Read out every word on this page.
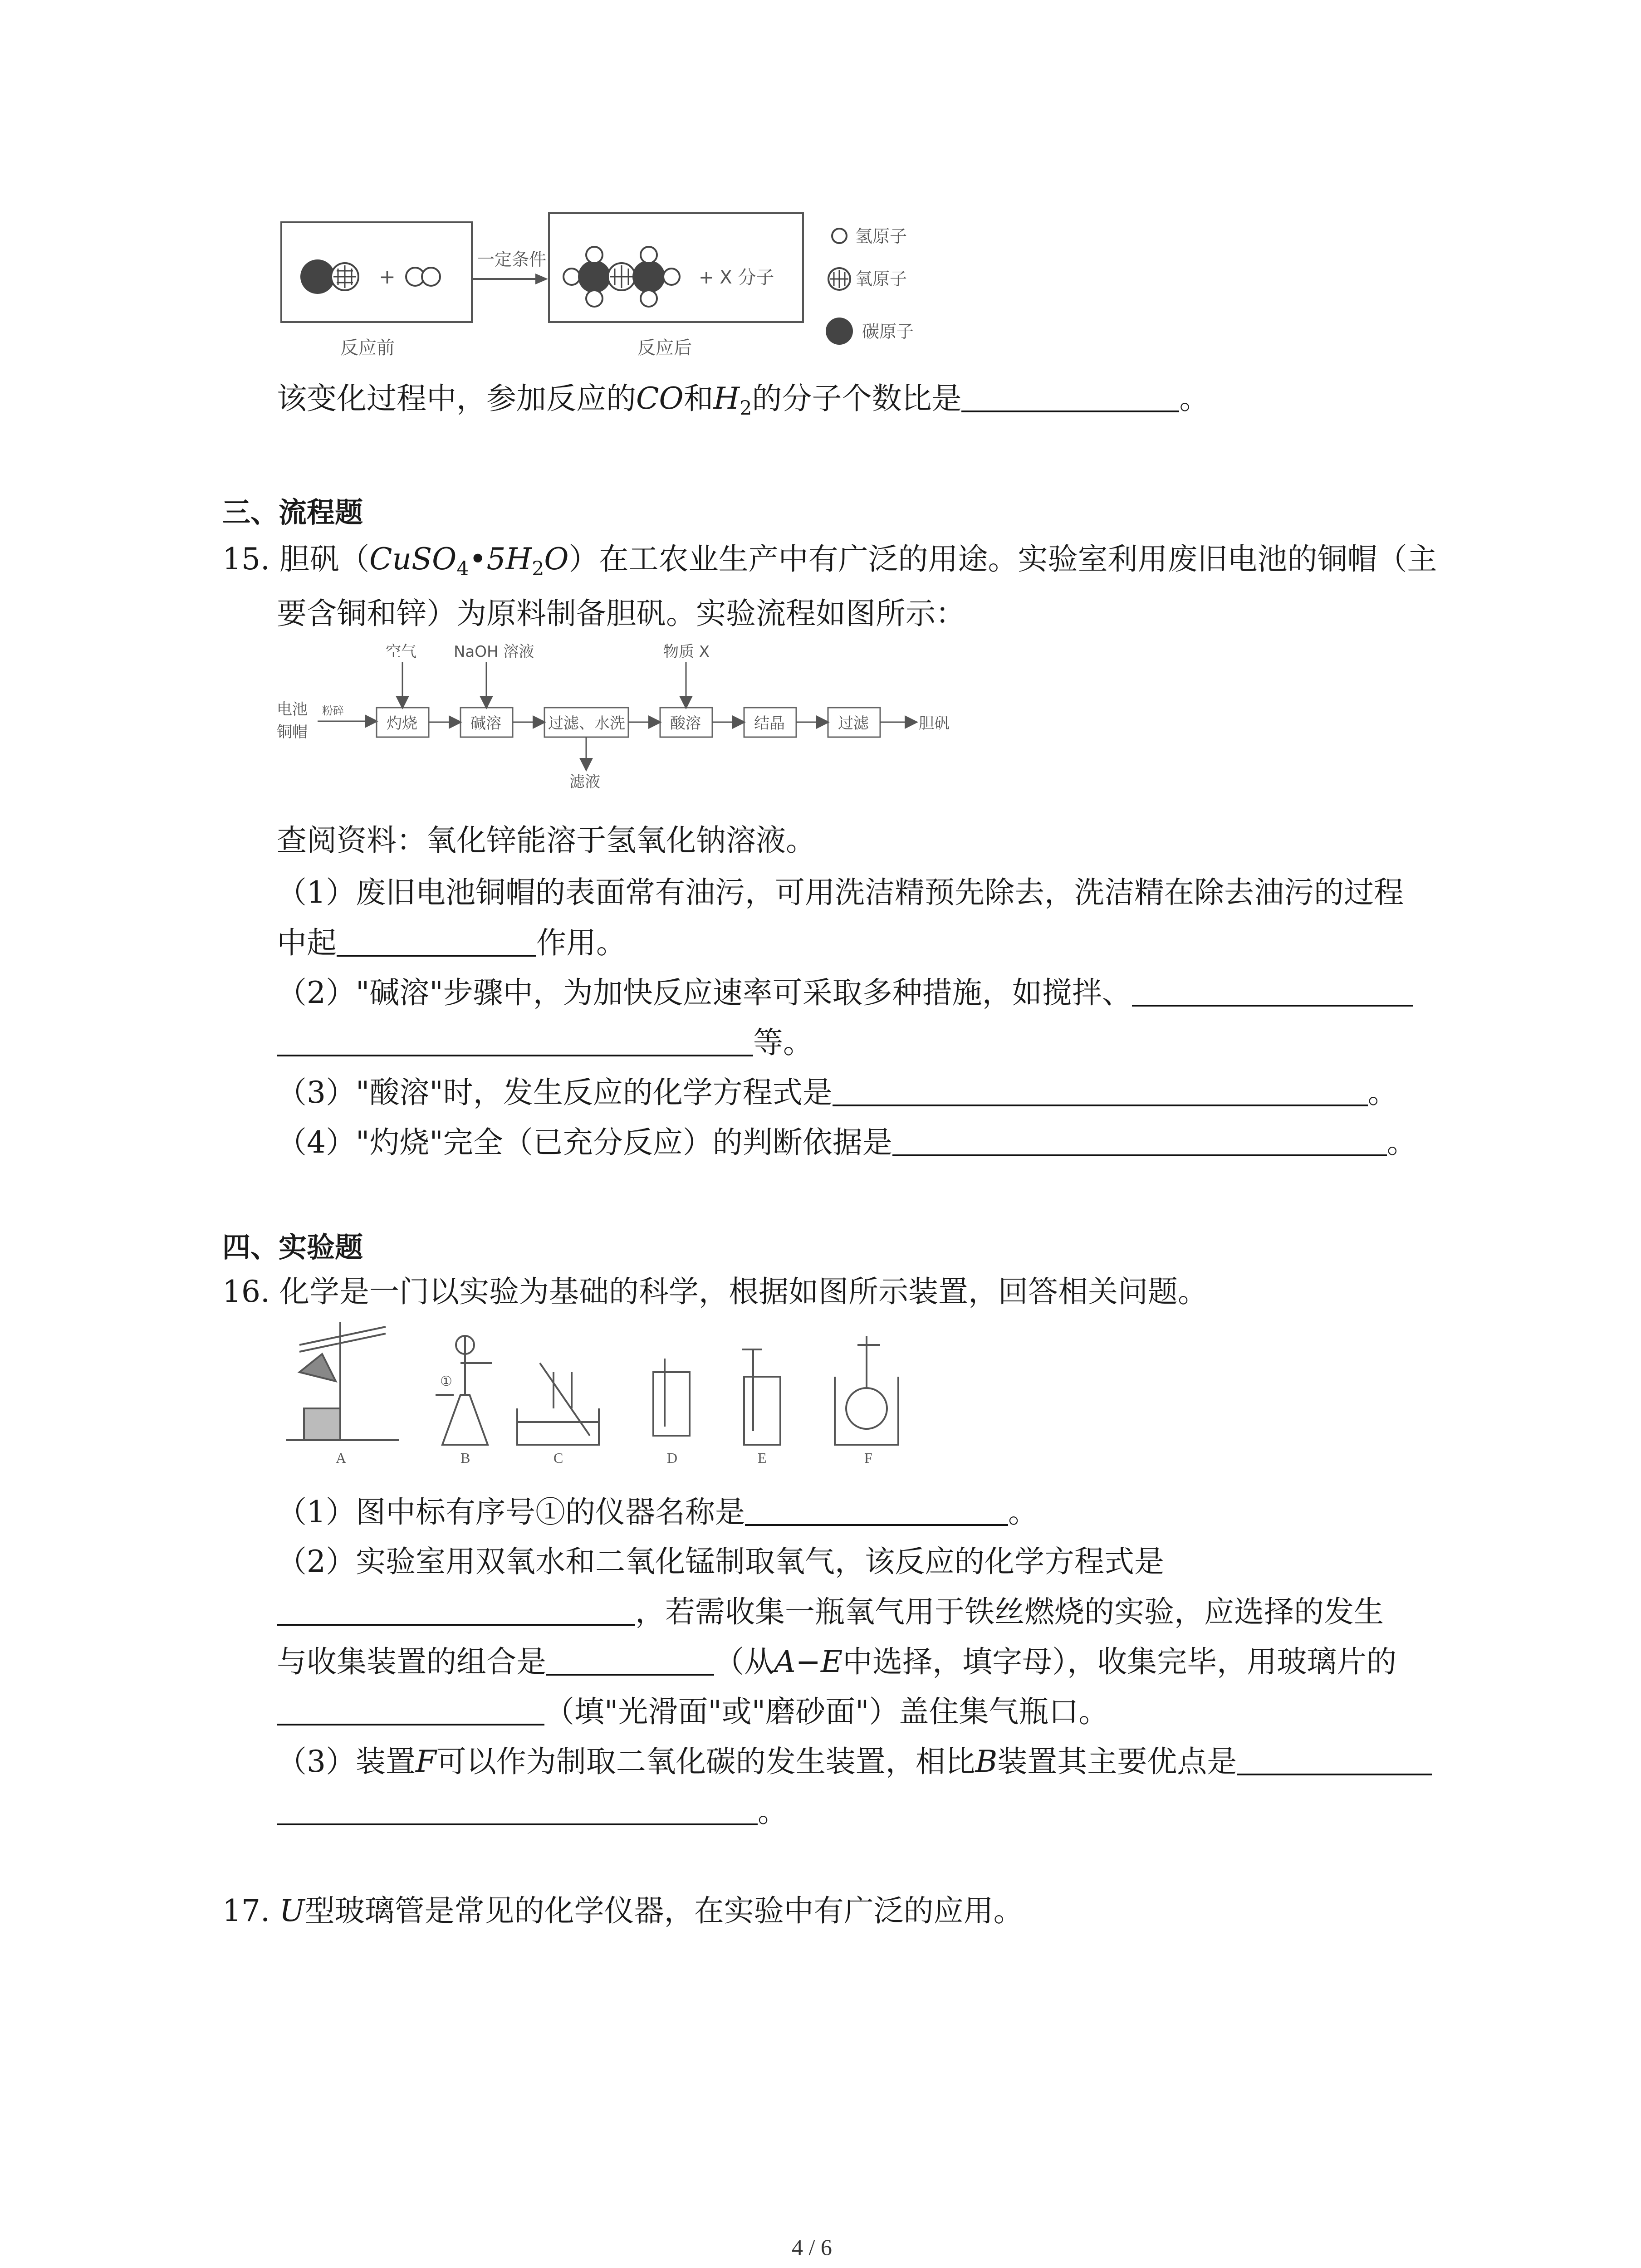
+
一定条件
+ X 分子
反应前	反应后
氢原子
氧原子
碳原子
该变化过程中，参加反应的CO和$H_2$的分子个数比是	。
三、流程题
15. 胆矾$(CuSO_4•5H_2O)$在工农业生产中有广泛的用途。实验室利用废旧电池的铜帽（主
要含铜和锌）为原料制备胆矾。实验流程如图所示：
电池
铜帽
粉碎
灼烧	碱溶	过滤、水洗	酸溶	结晶	过滤
空气 NaOH 溶液	物质 X
滤液
胆矾
查阅资料：氧化锌能溶于氢氧化钠溶液。
（1）废旧电池铜帽的表面常有油污，可用洗洁精预先除去，洗洁精在除去油污的过程
中起	作用。
（2）"碱溶"步骤中，为加快反应速率可采取多种措施，如搅拌、
等。
（3）"酸溶"时，发生反应的化学方程式是	。
（4）"灼烧"完全（已充分反应）的判断依据是	。
四、实验题
16. 化学是一门以实验为基础的科学，根据如图所示装置，回答相关问题。
A	B	C	D	E	F
①
（1）图中标有序号①的仪器名称是	。
（2）实验室用双氧水和二氧化锰制取氧气，该反应的化学方程式是
，若需收集一瓶氧气用于铁丝燃烧的实验，应选择的发生
与收集装置的组合是	（从A−E中选择，填字母），收集完毕，用玻璃片的
（填"光滑面"或"磨砂面"）盖住集气瓶口。
（3）装置F可以作为制取二氧化碳的发生装置，相比B装置其主要优点是
。
17. U型玻璃管是常见的化学仪器，在实验中有广泛的应用。
4 / 6
